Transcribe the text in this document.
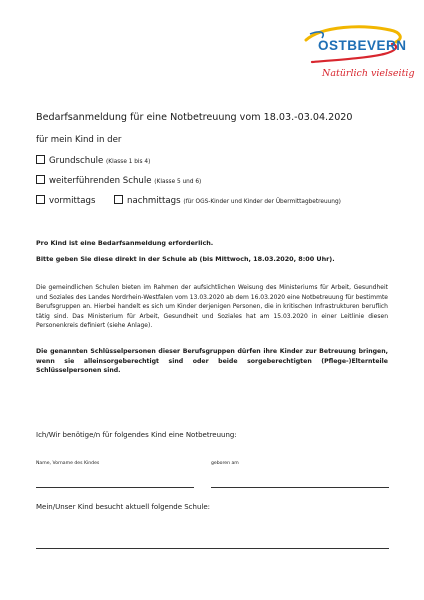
OSTBEVERN
Natürlich vielseitig
Bedarfsanmeldung für eine Notbetreuung vom 18.03.-03.04.2020
für mein Kind in der
Grundschule (Klasse 1 bis 4)
weiterführenden Schule (Klasse 5 und 6)
vormittags	nachmittags (für OGS-Kinder und Kinder der Übermittagbetreuung)
Pro Kind ist eine Bedarfsanmeldung erforderlich.
Bitte geben Sie diese direkt in der Schule ab (bis Mittwoch, 18.03.2020, 8:00 Uhr).
Die gemeindlichen Schulen bieten im Rahmen der aufsichtlichen Weisung des Ministeriums für Arbeit, Gesundheit und Soziales des Landes Nordrhein-Westfalen vom 13.03.2020 ab dem 16.03.2020 eine Notbetreuung für bestimmte Berufsgruppen an. Hierbei handelt es sich um Kinder derjenigen Personen, die in kritischen Infrastrukturen beruflich tätig sind. Das Ministerium für Arbeit, Gesundheit und Soziales hat am 15.03.2020 in einer Leitlinie diesen Personenkreis definiert (siehe Anlage).
Die genannten Schlüsselpersonen dieser Berufsgruppen dürfen ihre Kinder zur Betreuung bringen, wenn sie alleinsorgeberechtigt sind oder beide sorgeberechtigten (Pflege-)Elternteile Schlüsselpersonen sind.
Ich/Wir benötige/n für folgendes Kind eine Notbetreuung:
Name, Vorname des Kindes	geboren am
Mein/Unser Kind besucht aktuell folgende Schule:
